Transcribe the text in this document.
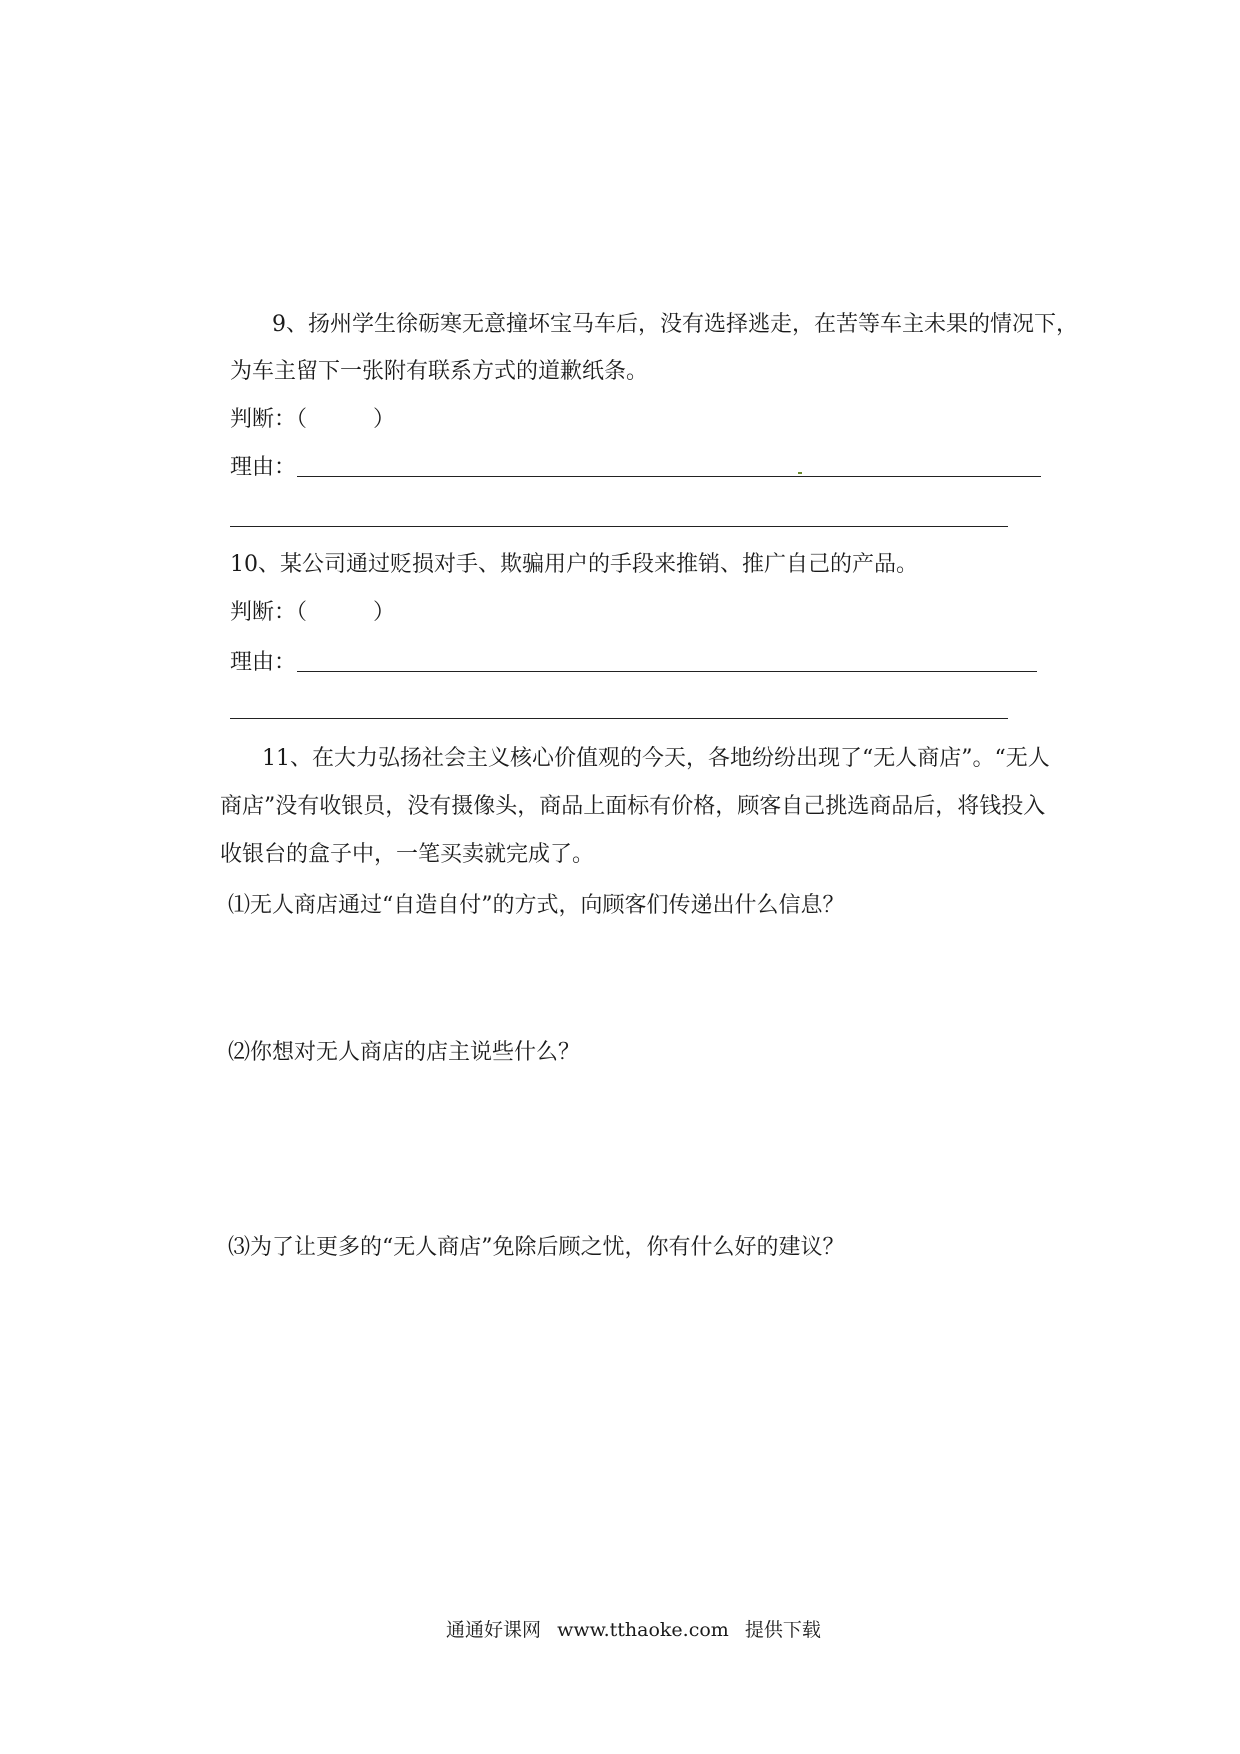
9、扬州学生徐砺寒无意撞坏宝马车后，没有选择逃走，在苦等车主未果的情况下，
为车主留下一张附有联系方式的道歉纸条。
判断：（　　　）
理由：
10、某公司通过贬损对手、欺骗用户的手段来推销、推广自己的产品。
判断：（　　　）
理由：
11、在大力弘扬社会主义核心价值观的今天，各地纷纷出现了“无人商店”。“无人
商店”没有收银员，没有摄像头，商品上面标有价格，顾客自己挑选商品后，将钱投入
收银台的盒子中，一笔买卖就完成了。
⑴无人商店通过“自造自付”的方式，向顾客们传递出什么信息？
⑵你想对无人商店的店主说些什么？
⑶为了让更多的“无人商店”免除后顾之忧，你有什么好的建议？
通通好课网 www.tthaoke.com 提供下载
